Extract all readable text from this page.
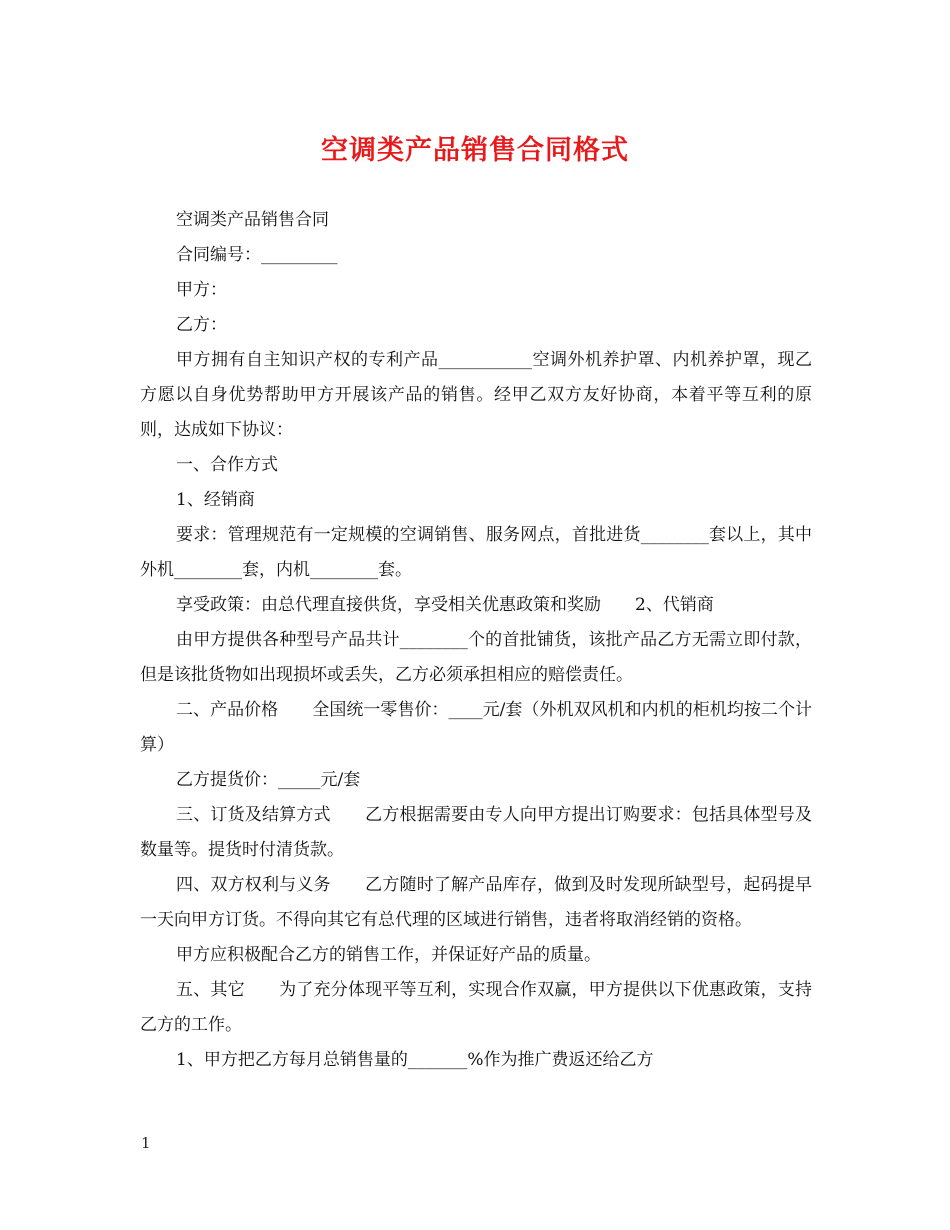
空调类产品销售合同格式

空调类产品销售合同

合同编号：_________

甲方：

乙方：

甲方拥有自主知识产权的专利产品___________空调外机养护罩、内机养护罩，现乙方愿以自身优势帮助甲方开展该产品的销售。经甲乙双方友好协商，本着平等互利的原则，达成如下协议：

一、合作方式

1、经销商

要求：管理规范有一定规模的空调销售、服务网点，首批进货________套以上，其中外机________套，内机________套。

享受政策：由总代理直接供货，享受相关优惠政策和奖励　　2、代销商

由甲方提供各种型号产品共计________个的首批铺货，该批产品乙方无需立即付款，但是该批货物如出现损坏或丢失，乙方必须承担相应的赔偿责任。

二、产品价格　　全国统一零售价：____元/套（外机双风机和内机的柜机均按二个计算）

乙方提货价：_____元/套

三、订货及结算方式　　乙方根据需要由专人向甲方提出订购要求：包括具体型号及数量等。提货时付清货款。

四、双方权利与义务　　乙方随时了解产品库存，做到及时发现所缺型号，起码提早一天向甲方订货。不得向其它有总代理的区域进行销售，违者将取消经销的资格。

甲方应积极配合乙方的销售工作，并保证好产品的质量。

五、其它　　为了充分体现平等互利，实现合作双赢，甲方提供以下优惠政策，支持乙方的工作。

1、甲方把乙方每月总销售量的_______%作为推广费返还给乙方

1
